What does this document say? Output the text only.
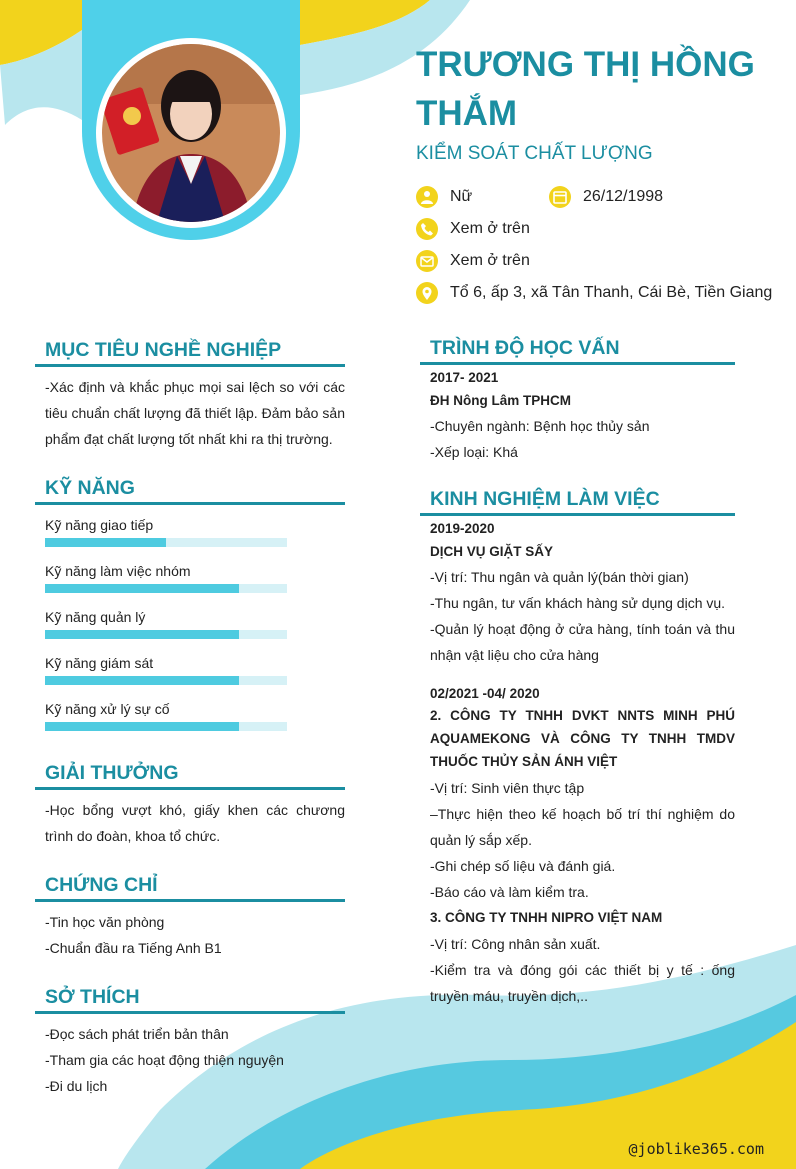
TRƯƠNG THỊ HỒNG THẮM
KIỂM SOÁT CHẤT LƯỢNG
Nữ	26/12/1998
Xem ở trên
Xem ở trên
Tổ 6, ấp 3, xã Tân Thanh, Cái Bè, Tiền Giang
MỤC TIÊU NGHỀ NGHIỆP

-Xác định và khắc phục mọi sai lệch so với các tiêu chuẩn chất lượng đã thiết lập. Đảm bảo sản phẩm đạt chất lượng tốt nhất khi ra thị trường.

KỸ NĂNG
Kỹ năng giao tiếp
Kỹ năng làm việc nhóm
Kỹ năng quản lý
Kỹ năng giám sát
Kỹ năng xử lý sự cố
GIẢI THƯỞNG

-Học bổng vượt khó, giấy khen các chương trình do đoàn, khoa tổ chức.

CHỨNG CHỈ

-Tin học văn phòng

-Chuẩn đầu ra Tiếng Anh B1

SỞ THÍCH

-Đọc sách phát triển bản thân

-Tham gia các hoạt động thiện nguyện

-Đi du lịch

TRÌNH ĐỘ HỌC VẤN
2017- 2021
ĐH Nông Lâm TPHCM

-Chuyên ngành: Bệnh học thủy sản

-Xếp loại: Khá

KINH NGHIỆM LÀM VIỆC
2019-2020
DỊCH VỤ GIẶT SẤY

-Vị trí: Thu ngân và quản lý(bán thời gian)

-Thu ngân, tư vấn khách hàng sử dụng dịch vụ.

-Quản lý hoạt động ở cửa hàng, tính toán và thu nhận vật liệu cho cửa hàng

02/2021 -04/ 2020
2. CÔNG TY TNHH DVKT NNTS MINH PHÚ AQUAMEKONG VÀ CÔNG TY TNHH TMDV THUỐC THỦY SẢN ÁNH VIỆT

-Vị trí: Sinh viên thực tập

–Thực hiện theo kế hoạch bố trí thí nghiệm do quản lý sắp xếp.

-Ghi chép số liệu và đánh giá.

-Báo cáo và làm kiểm tra.

3. CÔNG TY TNHH NIPRO VIỆT NAM

-Vị trí: Công nhân sản xuất.

-Kiểm tra và đóng gói các thiết bị y tế : ống truyền máu, truyền dịch,..

@joblike365.com
